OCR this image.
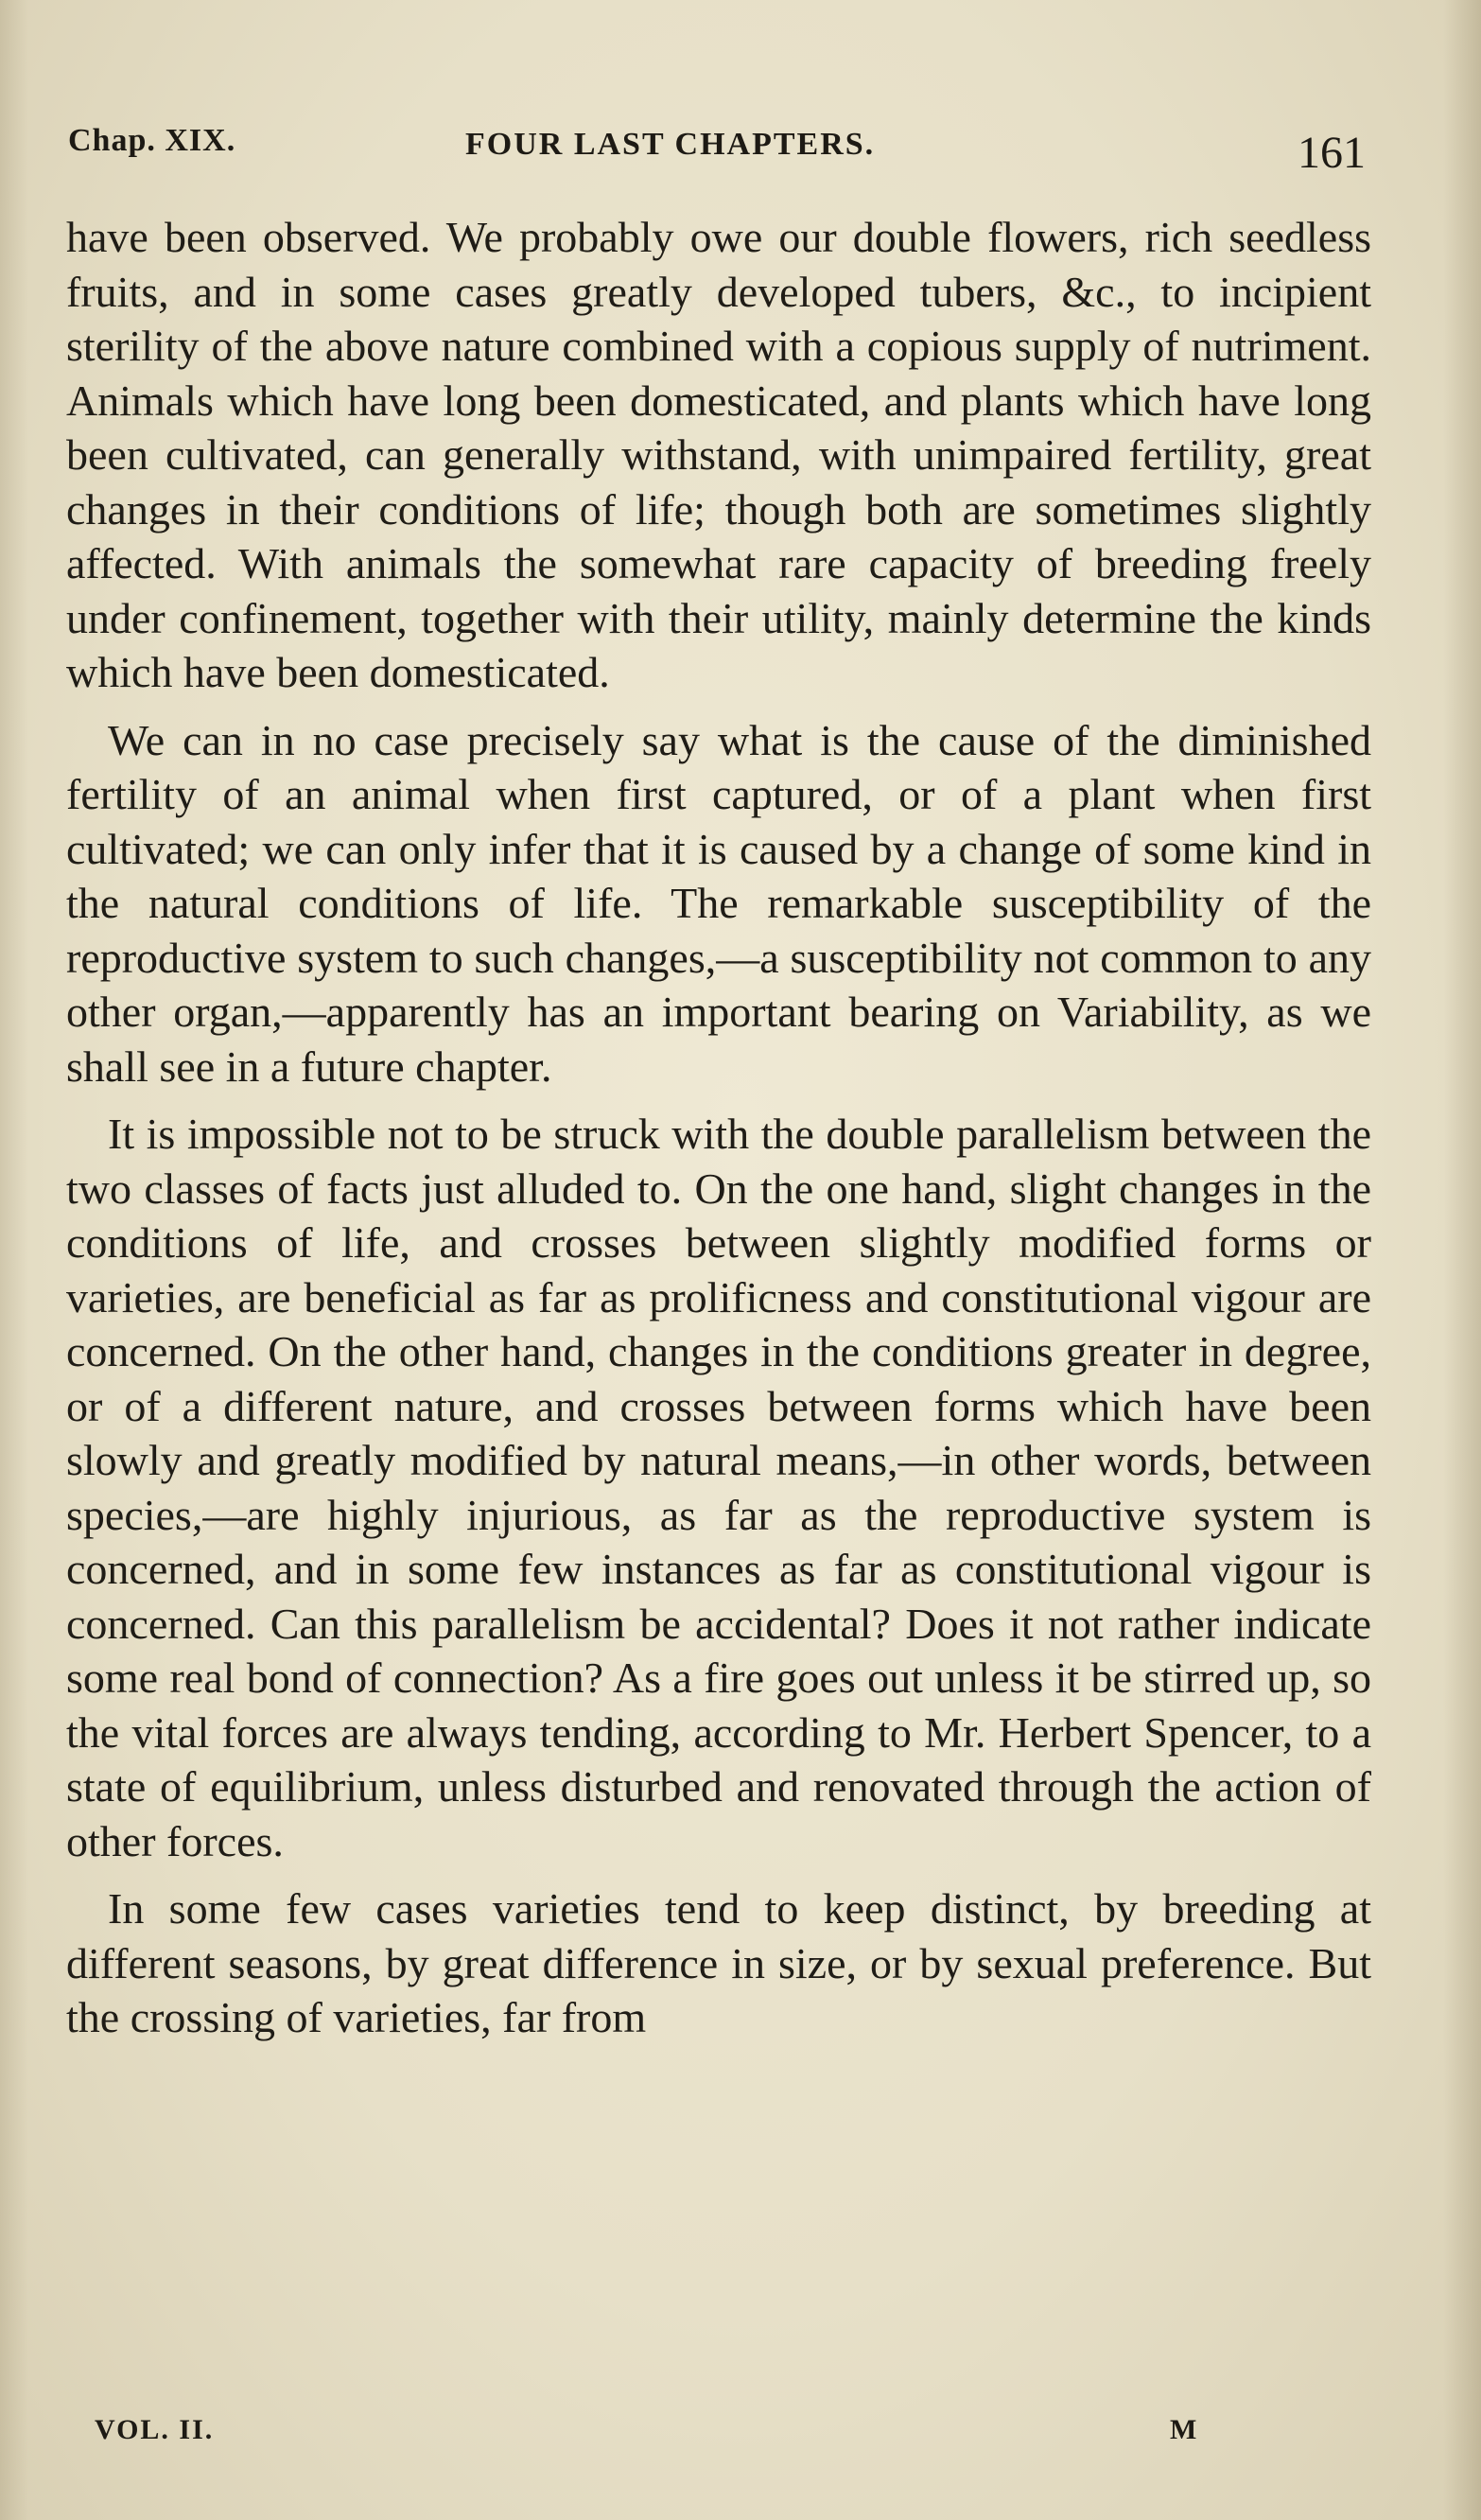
Chap. XIX.	FOUR LAST CHAPTERS.	161

have been observed. We probably owe our double flowers, rich seedless fruits, and in some cases greatly developed tubers, &c., to incipient sterility of the above nature combined with a copious supply of nutriment. Animals which have long been domesticated, and plants which have long been cultivated, can generally withstand, with unimpaired fertility, great changes in their conditions of life; though both are sometimes slightly affected. With animals the somewhat rare capacity of breeding freely under confinement, together with their utility, mainly determine the kinds which have been domesticated.

We can in no case precisely say what is the cause of the diminished fertility of an animal when first captured, or of a plant when first cultivated; we can only infer that it is caused by a change of some kind in the natural conditions of life. The remarkable susceptibility of the reproductive system to such changes,—a susceptibility not common to any other organ,—apparently has an important bearing on Variability, as we shall see in a future chapter.

It is impossible not to be struck with the double parallelism between the two classes of facts just alluded to. On the one hand, slight changes in the conditions of life, and crosses between slightly modified forms or varieties, are beneficial as far as prolificness and constitutional vigour are concerned. On the other hand, changes in the conditions greater in degree, or of a different nature, and crosses between forms which have been slowly and greatly modified by natural means,—in other words, between species,—are highly injurious, as far as the reproductive system is concerned, and in some few instances as far as constitutional vigour is concerned. Can this parallelism be accidental? Does it not rather indicate some real bond of connection? As a fire goes out unless it be stirred up, so the vital forces are always tending, according to Mr. Herbert Spencer, to a state of equilibrium, unless disturbed and renovated through the action of other forces.

In some few cases varieties tend to keep distinct, by breeding at different seasons, by great difference in size, or by sexual preference. But the crossing of varieties, far from

VOL. II.	M
